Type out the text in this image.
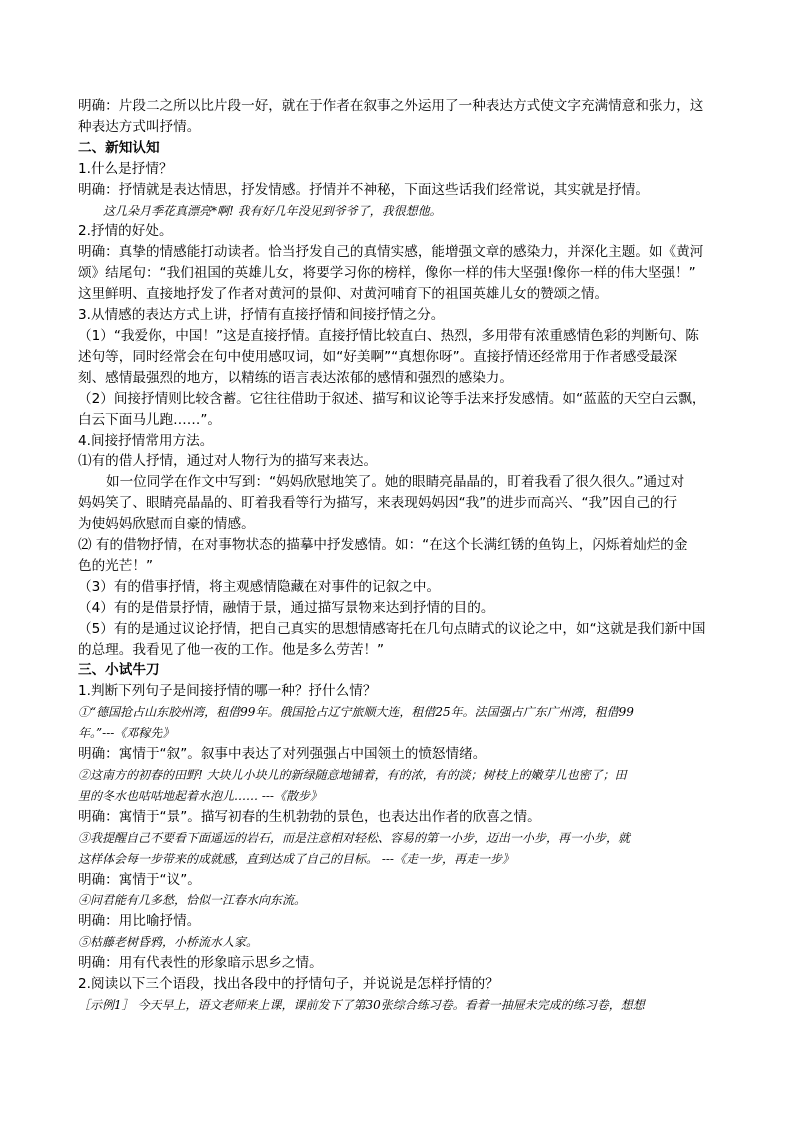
明确：片段二之所以比片段一好，就在于作者在叙事之外运用了一种表达方式使文字充满情意和张力，这
种表达方式叫抒情。
二、新知认知
1.什么是抒情？
明确：抒情就是表达情思，抒发情感。抒情并不神秘，下面这些话我们经常说，其实就是抒情。
这几朵月季花真漂亮*啊! 我有好几年没见到爷爷了，我很想他。
2.抒情的好处。
明确：真挚的情感能打动读者。恰当抒发自己的真情实感，能增强文章的感染力，并深化主题。如《黄河
颂》结尾句：“我们祖国的英雄儿女，将要学习你的榜样，像你一样的伟大坚强!像你一样的伟大坚强！”
这里鲜明、直接地抒发了作者对黄河的景仰、对黄河哺育下的祖国英雄儿女的赞颂之情。
3.从情感的表达方式上讲，抒情有直接抒情和间接抒情之分。
（1）“我爱你，中国！”这是直接抒情。直接抒情比较直白、热烈，多用带有浓重感情色彩的判断句、陈
述句等，同时经常会在句中使用感叹词，如“好美啊”“真想你呀”。直接抒情还经常用于作者感受最深
刻、感情最强烈的地方，以精练的语言表达浓郁的感情和强烈的感染力。
（2）间接抒情则比较含蓄。它往往借助于叙述、描写和议论等手法来抒发感情。如“蓝蓝的天空白云飘，
白云下面马儿跑……”。
4.间接抒情常用方法。
⑴有的借人抒情，通过对人物行为的描写来表达。
如一位同学在作文中写到：“妈妈欣慰地笑了。她的眼睛亮晶晶的，盯着我看了很久很久。”通过对
妈妈笑了、眼睛亮晶晶的、盯着我看等行为描写，来表现妈妈因“我”的进步而高兴、“我”因自己的行
为使妈妈欣慰而自豪的情感。
⑵ 有的借物抒情，在对事物状态的描摹中抒发感情。如：“在这个长满红锈的鱼钩上，闪烁着灿烂的金
色的光芒！”
（3）有的借事抒情，将主观感情隐藏在对事件的记叙之中。
（4）有的是借景抒情，融情于景，通过描写景物来达到抒情的目的。
（5）有的是通过议论抒情，把自己真实的思想情感寄托在几句点睛式的议论之中，如“这就是我们新中国
的总理。我看见了他一夜的工作。他是多么劳苦！”
三、小试牛刀
1.判断下列句子是间接抒情的哪一种？抒什么情？
①“德国抢占山东胶州湾，租借99年。俄国抢占辽宁旅顺大连，租借25年。法国强占广东广州湾，租借99
年。”---《邓稼先》
明确：寓情于“叙”。叙事中表达了对列强强占中国领土的愤怒情绪。
②这南方的初春的田野! 大块儿小块儿的新绿随意地铺着，有的浓，有的淡；树枝上的嫩芽儿也密了；田
里的冬水也咕咕地起着水泡儿…… ---《散步》
明确：寓情于“景”。描写初春的生机勃勃的景色，也表达出作者的欣喜之情。
③我提醒自己不要看下面遥远的岩石，而是注意相对轻松、容易的第一小步，迈出一小步，再一小步，就
这样体会每一步带来的成就感，直到达成了自己的目标。 ---《走一步，再走一步》
明确：寓情于“议”。
④问君能有几多愁，恰似一江春水向东流。
明确：用比喻抒情。
⑤枯藤老树昏鸦，小桥流水人家。
明确：用有代表性的形象暗示思乡之情。
2.阅读以下三个语段，找出各段中的抒情句子，并说说是怎样抒情的？
［示例1］ 今天早上，语文老师来上课，课前发下了第30张综合练习卷。看着一抽屉未完成的练习卷，想想
